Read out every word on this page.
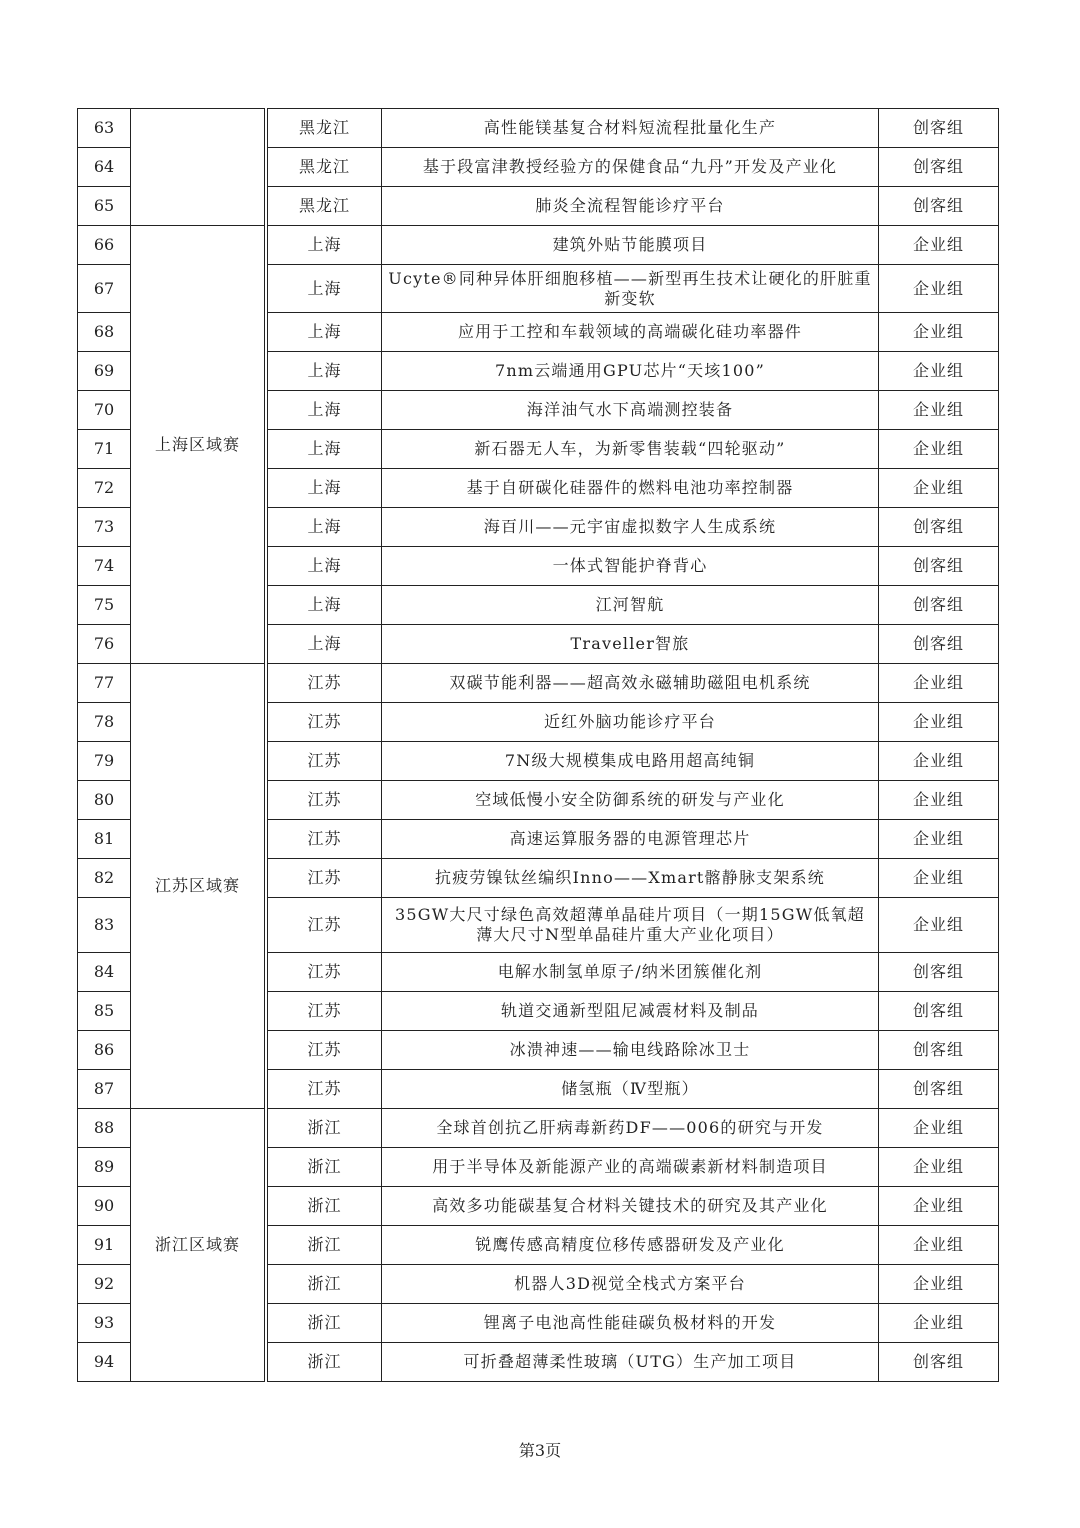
63			黑龙江	高性能镁基复合材料短流程批量化生产	创客组
64			黑龙江	基于段富津教授经验方的保健食品“九丹”开发及产业化	创客组
65			黑龙江	肺炎全流程智能诊疗平台	创客组
66	上海区域赛		上海	建筑外贴节能膜项目	企业组
67			上海	Ucyte®同种异体肝细胞移植——新型再生技术让硬化的肝脏重新变软	企业组
68			上海	应用于工控和车载领域的高端碳化硅功率器件	企业组
69			上海	7nm云端通用GPU芯片“天垓100”	企业组
70			上海	海洋油气水下高端测控装备	企业组
71			上海	新石器无人车，为新零售装载“四轮驱动”	企业组
72			上海	基于自研碳化硅器件的燃料电池功率控制器	企业组
73			上海	海百川——元宇宙虚拟数字人生成系统	创客组
74			上海	一体式智能护脊背心	创客组
75			上海	江河智航	创客组
76			上海	Traveller智旅	创客组
77	江苏区域赛		江苏	双碳节能利器——超高效永磁辅助磁阻电机系统	企业组
78			江苏	近红外脑功能诊疗平台	企业组
79			江苏	7N级大规模集成电路用超高纯铜	企业组
80			江苏	空域低慢小安全防御系统的研发与产业化	企业组
81			江苏	高速运算服务器的电源管理芯片	企业组
82			江苏	抗疲劳镍钛丝编织Inno——Xmart髂静脉支架系统	企业组
83			江苏	35GW大尺寸绿色高效超薄单晶硅片项目（一期15GW低氧超薄大尺寸N型单晶硅片重大产业化项目）	企业组
84			江苏	电解水制氢单原子/纳米团簇催化剂	创客组
85			江苏	轨道交通新型阻尼减震材料及制品	创客组
86			江苏	冰溃神速——输电线路除冰卫士	创客组
87			江苏	储氢瓶（Ⅳ型瓶）	创客组
88	浙江区域赛		浙江	全球首创抗乙肝病毒新药DF——006的研究与开发	企业组
89			浙江	用于半导体及新能源产业的高端碳素新材料制造项目	企业组
90			浙江	高效多功能碳基复合材料关键技术的研究及其产业化	企业组
91			浙江	锐鹰传感高精度位移传感器研发及产业化	企业组
92			浙江	机器人3D视觉全栈式方案平台	企业组
93			浙江	锂离子电池高性能硅碳负极材料的开发	企业组
94			浙江	可折叠超薄柔性玻璃（UTG）生产加工项目	创客组
第3页
